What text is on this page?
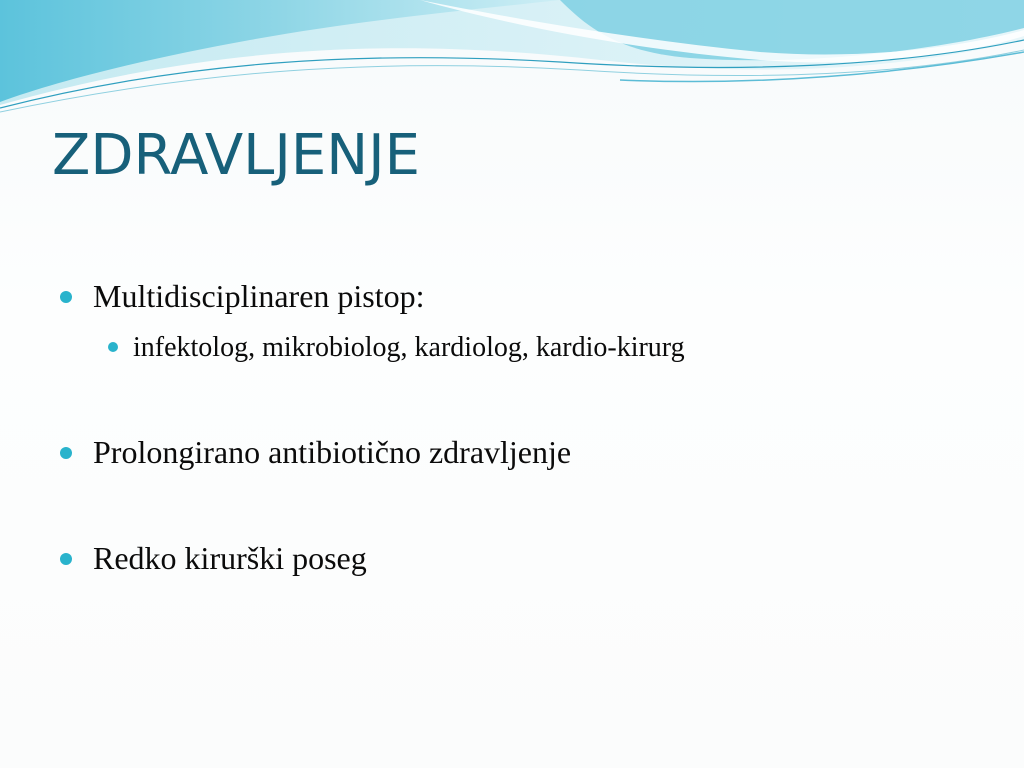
ZDRAVLJENJE
Multidisciplinaren pistop:
infektolog, mikrobiolog, kardiolog, kardio-kirurg
Prolongirano antibiotično zdravljenje
Redko kirurški poseg
